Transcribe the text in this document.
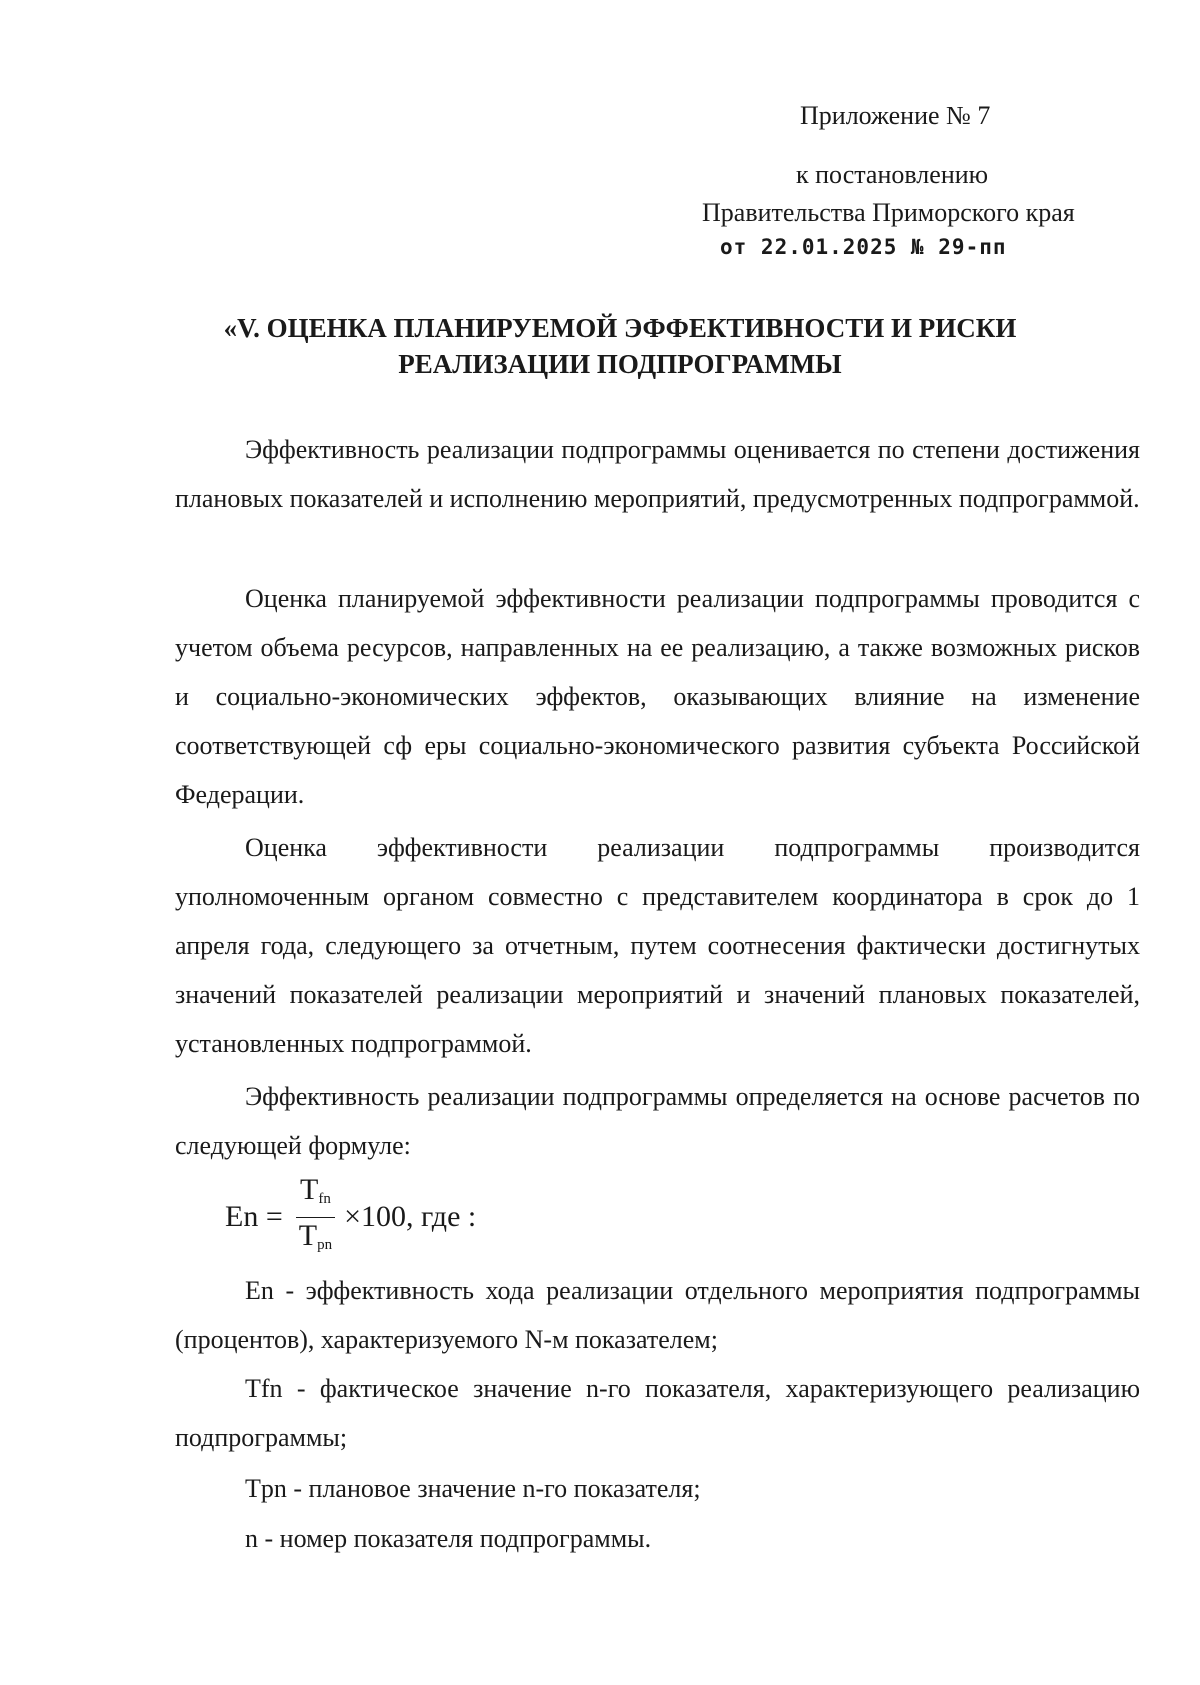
Приложение № 7
к постановлению
Правительства Приморского края
от 22.01.2025 № 29-пп
«V. ОЦЕНКА ПЛАНИРУЕМОЙ ЭФФЕКТИВНОСТИ И РИСКИ
РЕАЛИЗАЦИИ ПОДПРОГРАММЫ

Эффективность реализации подпрограммы оценивается по степени достижения плановых показателей и исполнению мероприятий, предусмотренных подпрограммой.

Оценка планируемой эффективности реализации подпрограммы проводится с учетом объема ресурсов, направленных на ее реализацию, а также возможных рисков и социально-экономических эффектов, оказывающих влияние на изменение соответствующей сф еры социально-экономического развития субъекта Российской Федерации.

Оценка эффективности реализации подпрограммы производится уполномоченным органом совместно с представителем координатора в срок до 1 апреля года, следующего за отчетным, путем соотнесения фактически достигнутых значений показателей реализации мероприятий и значений плановых показателей, установленных подпрограммой.

Эффективность реализации подпрограммы определяется на основе расчетов по следующей формуле:

$En = \frac{T_{fn}}{T_{pn}} \times 100$, где :

En - эффективность хода реализации отдельного мероприятия подпрограммы (процентов), характеризуемого N-м показателем;

Tfn - фактическое значение n-го показателя, характеризующего реализацию подпрограммы;

Tpn - плановое значение n-го показателя;

n - номер показателя подпрограммы.
